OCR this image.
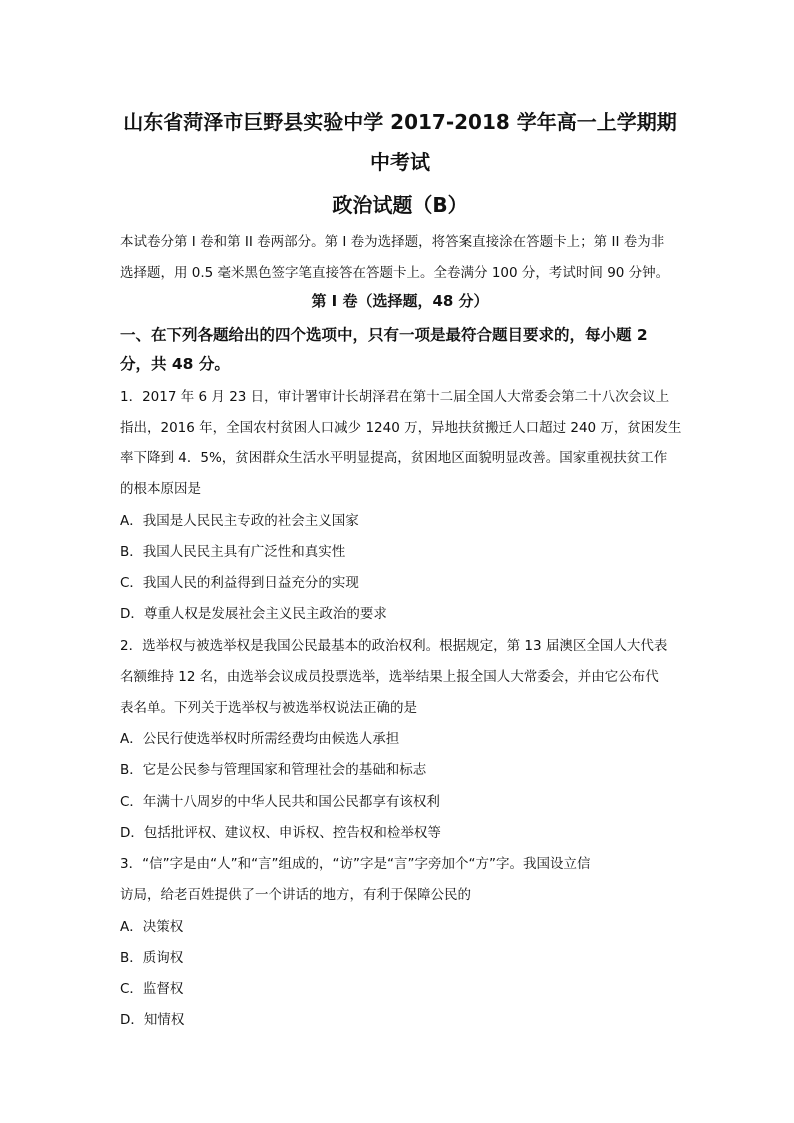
山东省菏泽市巨野县实验中学 2017-2018 学年高一上学期期
中考试
政治试题（B）
本试卷分第 I 卷和第 II 卷两部分。第 I 卷为选择题，将答案直接涂在答题卡上；第 II 卷为非
选择题，用 0.5 毫米黑色签字笔直接答在答题卡上。全卷满分 100 分，考试时间 90 分钟。
第 I 卷（选择题，48 分）
一、在下列各题给出的四个选项中，只有一项是最符合题目要求的，每小题 2
分，共 48 分。
1．2017 年 6 月 23 日，审计署审计长胡泽君在第十二届全国人大常委会第二十八次会议上
指出，2016 年，全国农村贫困人口减少 1240 万，异地扶贫搬迁人口超过 240 万，贫困发生
率下降到 4．5%，贫困群众生活水平明显提高，贫困地区面貌明显改善。国家重视扶贫工作
的根本原因是
A．我国是人民民主专政的社会主义国家
B．我国人民民主具有广泛性和真实性
C．我国人民的利益得到日益充分的实现
D．尊重人权是发展社会主义民主政治的要求
2．选举权与被选举权是我国公民最基本的政治权利。根据规定，第 13 届澳区全国人大代表
名额维持 12 名，由选举会议成员投票选举，选举结果上报全国人大常委会，并由它公布代
表名单。下列关于选举权与被选举权说法正确的是
A．公民行使选举权时所需经费均由候选人承担
B．它是公民参与管理国家和管理社会的基础和标志
C．年满十八周岁的中华人民共和国公民都享有该权利
D．包括批评权、建议权、申诉权、控告权和检举权等
3．“信”字是由“人”和“言”组成的，“访”字是“言”字旁加个“方”字。我国设立信
访局，给老百姓提供了一个讲话的地方，有利于保障公民的
A．决策权
B．质询权
C．监督权
D．知情权
